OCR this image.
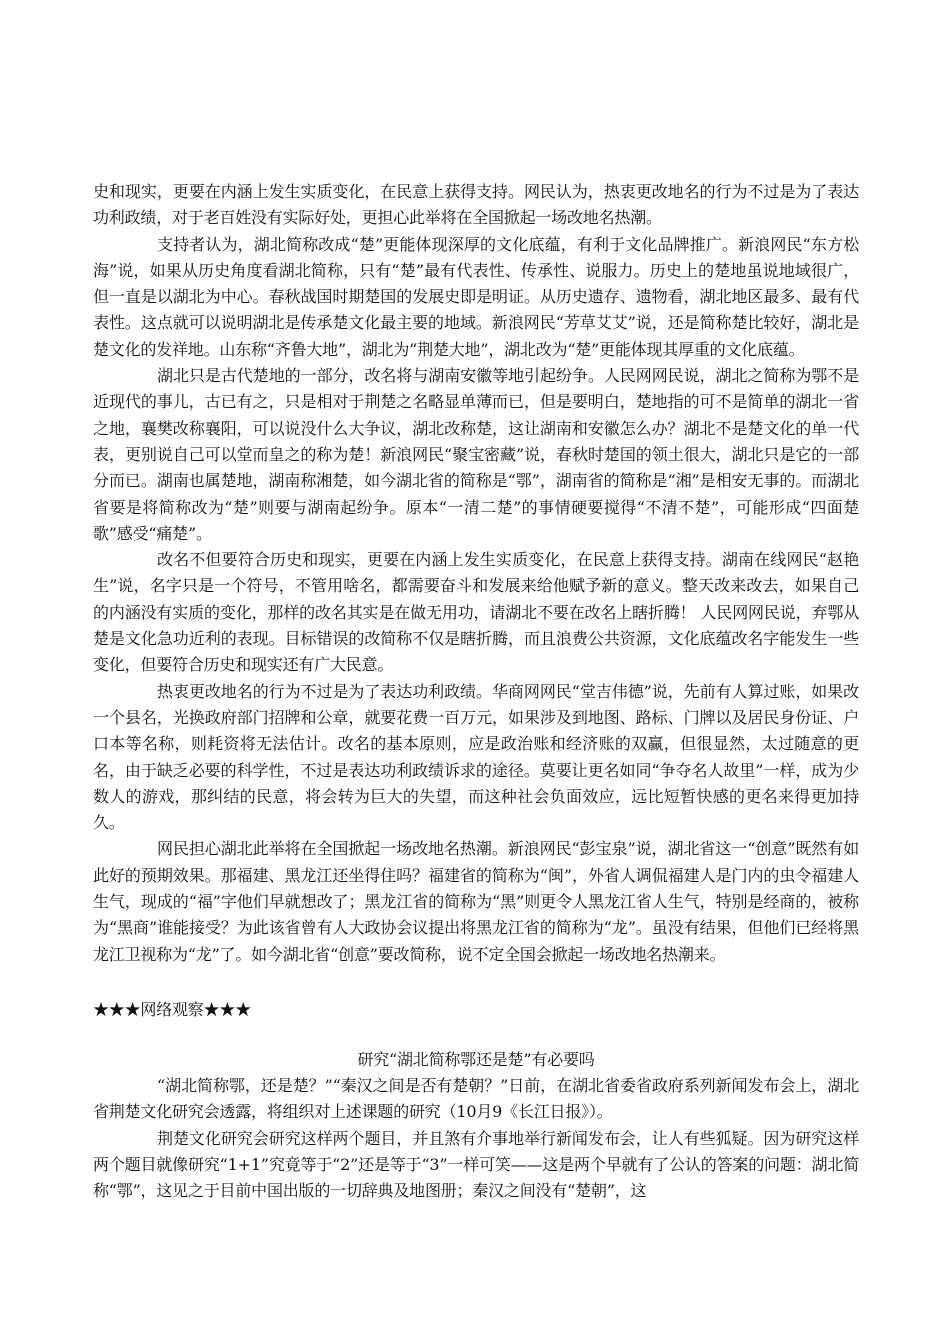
史和现实，更要在内涵上发生实质变化，在民意上获得支持。网民认为，热衷更改地名的行为不过是为了表达功利政绩，对于老百姓没有实际好处，更担心此举将在全国掀起一场改地名热潮。

支持者认为，湖北简称改成“楚”更能体现深厚的文化底蕴，有利于文化品牌推广。新浪网民“东方松海”说，如果从历史角度看湖北简称，只有“楚”最有代表性、传承性、说服力。历史上的楚地虽说地域很广，但一直是以湖北为中心。春秋战国时期楚国的发展史即是明证。从历史遗存、遗物看，湖北地区最多、最有代表性。这点就可以说明湖北是传承楚文化最主要的地域。新浪网民“芳草艾艾”说，还是简称楚比较好，湖北是楚文化的发祥地。山东称“齐鲁大地”，湖北为“荆楚大地”，湖北改为“楚”更能体现其厚重的文化底蕴。

湖北只是古代楚地的一部分，改名将与湖南安徽等地引起纷争。人民网网民说，湖北之简称为鄂不是近现代的事儿，古已有之，只是相对于荆楚之名略显单薄而已，但是要明白，楚地指的可不是简单的湖北一省之地，襄樊改称襄阳，可以说没什么大争议，湖北改称楚，这让湖南和安徽怎么办？湖北不是楚文化的单一代表，更别说自己可以堂而皇之的称为楚！新浪网民“聚宝密藏”说，春秋时楚国的领土很大，湖北只是它的一部分而已。湖南也属楚地，湖南称湘楚，如今湖北省的简称是“鄂”，湖南省的简称是“湘”是相安无事的。而湖北省要是将简称改为“楚”则要与湖南起纷争。原本“一清二楚”的事情硬要搅得“不清不楚”，可能形成“四面楚歌”感受“痛楚”。

改名不但要符合历史和现实，更要在内涵上发生实质变化，在民意上获得支持。湖南在线网民“赵艳生”说，名字只是一个符号，不管用啥名，都需要奋斗和发展来给他赋予新的意义。整天改来改去，如果自己的内涵没有实质的变化，那样的改名其实是在做无用功，请湖北不要在改名上瞎折腾！ 人民网网民说，弃鄂从楚是文化急功近利的表现。目标错误的改简称不仅是瞎折腾，而且浪费公共资源，文化底蕴改名字能发生一些变化，但要符合历史和现实还有广大民意。

热衷更改地名的行为不过是为了表达功利政绩。华商网网民“堂吉伟德”说，先前有人算过账，如果改一个县名，光换政府部门招牌和公章，就要花费一百万元，如果涉及到地图、路标、门牌以及居民身份证、户口本等名称，则耗资将无法估计。改名的基本原则，应是政治账和经济账的双赢，但很显然，太过随意的更名，由于缺乏必要的科学性，不过是表达功利政绩诉求的途径。莫要让更名如同“争夺名人故里”一样，成为少数人的游戏，那纠结的民意，将会转为巨大的失望，而这种社会负面效应，远比短暂快感的更名来得更加持久。

网民担心湖北此举将在全国掀起一场改地名热潮。新浪网民“彭宝泉”说，湖北省这一“创意”既然有如此好的预期效果。那福建、黑龙江还坐得住吗？福建省的简称为“闽”，外省人调侃福建人是门内的虫令福建人生气，现成的“福”字他们早就想改了；黑龙江省的简称为“黑”则更令人黑龙江省人生气，特别是经商的，被称为“黑商”谁能接受？为此该省曾有人大政协会议提出将黑龙江省的简称为“龙”。虽没有结果，但他们已经将黑龙江卫视称为“龙”了。如今湖北省“创意”要改简称，说不定全国会掀起一场改地名热潮来。

★★★网络观察★★★

研究“湖北简称鄂还是楚”有必要吗

“湖北简称鄂，还是楚？”“秦汉之间是否有楚朝？”日前，在湖北省委省政府系列新闻发布会上，湖北省荆楚文化研究会透露，将组织对上述课题的研究（10月9《长江日报》）。

荆楚文化研究会研究这样两个题目，并且煞有介事地举行新闻发布会，让人有些狐疑。因为研究这样两个题目就像研究“1+1”究竟等于“2”还是等于“3”一样可笑——这是两个早就有了公认的答案的问题：湖北简称“鄂”，这见之于目前中国出版的一切辞典及地图册；秦汉之间没有“楚朝”，这
